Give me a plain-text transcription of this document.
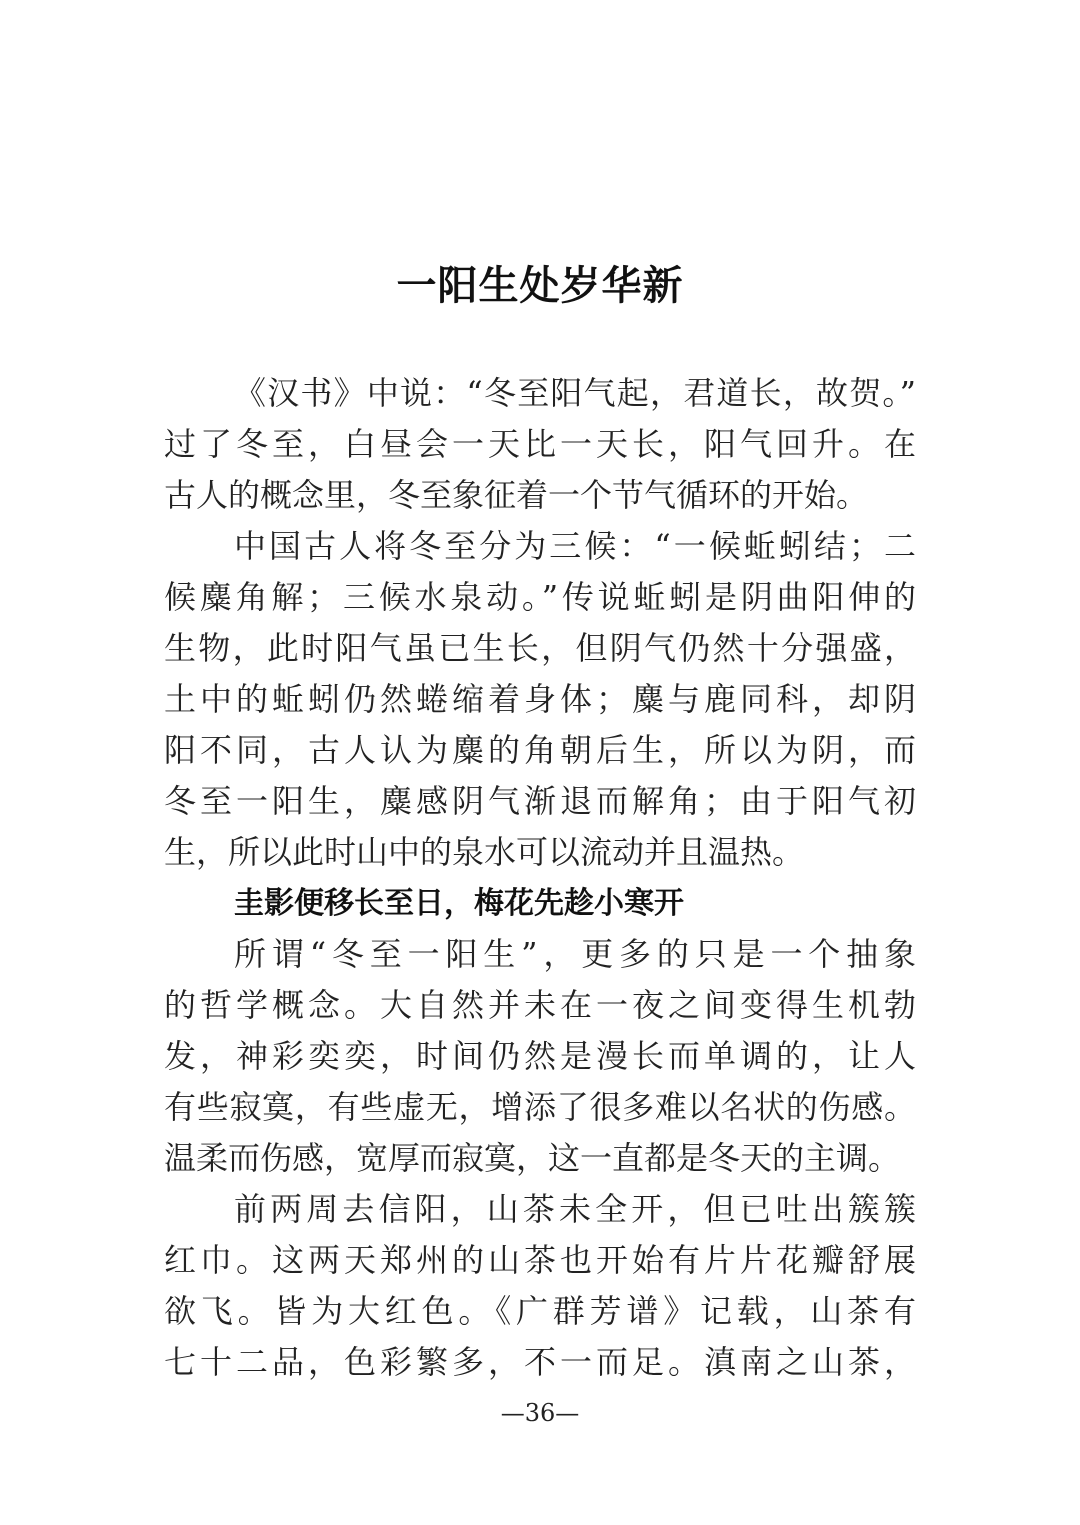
一阳生处岁华新
《汉书》中说：“冬至阳气起，君道长，故贺。”
过了冬至，白昼会一天比一天长，阳气回升。在
古人的概念里，冬至象征着一个节气循环的开始。
中国古人将冬至分为三候：“一候蚯蚓结；二
候麋角解；三候水泉动。”传说蚯蚓是阴曲阳伸的
生物，此时阳气虽已生长，但阴气仍然十分强盛，
土中的蚯蚓仍然蜷缩着身体；麋与鹿同科，却阴
阳不同，古人认为麋的角朝后生，所以为阴，而
冬至一阳生，麋感阴气渐退而解角；由于阳气初
生，所以此时山中的泉水可以流动并且温热。
圭影便移长至日，梅花先趁小寒开
所谓“冬至一阳生”，更多的只是一个抽象
的哲学概念。大自然并未在一夜之间变得生机勃
发，神彩奕奕，时间仍然是漫长而单调的，让人
有些寂寞，有些虚无，增添了很多难以名状的伤感。
温柔而伤感，宽厚而寂寞，这一直都是冬天的主调。
前两周去信阳，山茶未全开，但已吐出簇簇
红巾。这两天郑州的山茶也开始有片片花瓣舒展
欲飞。皆为大红色。《广群芳谱》记载，山茶有
七十二品，色彩繁多，不一而足。滇南之山茶，
—36—
